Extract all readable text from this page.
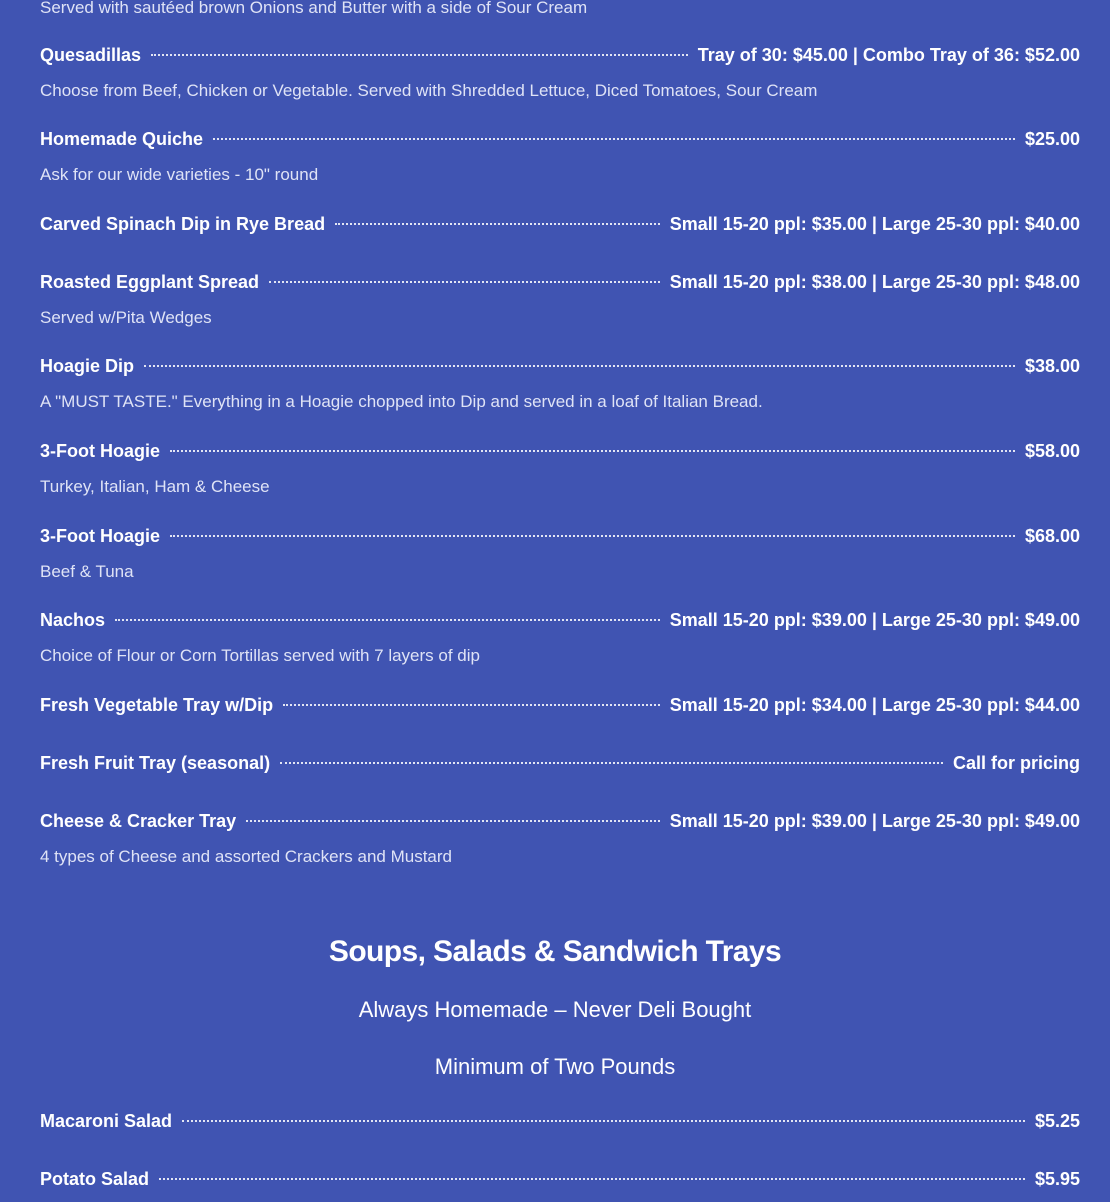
Served with sautéed brown Onions and Butter with a side of Sour Cream
Quesadillas	Tray of 30: $45.00 | Combo Tray of 36: $52.00
Choose from Beef, Chicken or Vegetable. Served with Shredded Lettuce, Diced Tomatoes, Sour Cream
Homemade Quiche	$25.00
Ask for our wide varieties - 10" round
Carved Spinach Dip in Rye Bread	Small 15-20 ppl: $35.00 | Large 25-30 ppl: $40.00
Roasted Eggplant Spread	Small 15-20 ppl: $38.00 | Large 25-30 ppl: $48.00
Served w/Pita Wedges
Hoagie Dip	$38.00
A "MUST TASTE." Everything in a Hoagie chopped into Dip and served in a loaf of Italian Bread.
3-Foot Hoagie	$58.00
Turkey, Italian, Ham & Cheese
3-Foot Hoagie	$68.00
Beef & Tuna
Nachos	Small 15-20 ppl: $39.00 | Large 25-30 ppl: $49.00
Choice of Flour or Corn Tortillas served with 7 layers of dip
Fresh Vegetable Tray w/Dip	Small 15-20 ppl: $34.00 | Large 25-30 ppl: $44.00
Fresh Fruit Tray (seasonal)	Call for pricing
Cheese & Cracker Tray	Small 15-20 ppl: $39.00 | Large 25-30 ppl: $49.00
4 types of Cheese and assorted Crackers and Mustard
Macaroni Salad	$5.25
Potato Salad	$5.95
Soups, Salads & Sandwich Trays
Always Homemade – Never Deli Bought
Minimum of Two Pounds
